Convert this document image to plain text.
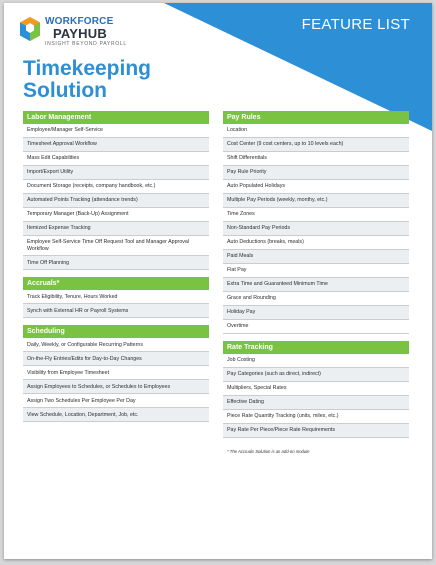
FEATURE LIST
WORKFORCE
PAYHUB
INSIGHT BEYOND PAYROLL
Timekeeping
Solution
Labor Management
Employee/Manager Self-Service
Timesheet Approval Workflow
Mass Edit Capabilities
Import/Export Utility
Document Storage (receipts, company handbook, etc.)
Automated Points Tracking (attendance trends)
Temporary Manager (Back-Up) Assignment
Itemized Expense Tracking
Employee Self-Service Time Off Request Tool and Manager Approval Workflow
Time Off Planning
Accruals*
Track Eligibility, Tenure, Hours Worked
Synch with External HR or Payroll Systems
Scheduling
Daily, Weekly, or Configurable Recurring Patterns
On-the-Fly Entries/Edits for Day-to-Day Changes
Visibility from Employee Timesheet
Assign Employees to Schedules, or Schedules to Employees
Assign Two Schedules Per Employee Per Day
View Schedule, Location, Department, Job, etc.
Pay Rules
Location
Cost Center (9 cost centers, up to 10 levels each)
Shift Differentials
Pay Rule Priority
Auto Populated Holidays
Multiple Pay Periods (weekly, monthy, etc.)
Time Zones
Non-Standard Pay Periods
Auto Deductions (breaks, meals)
Paid Meals
Flat Pay
Extra Time and Guaranteed Minimum Time
Grace and Rounding
Holiday Pay
Overtime
Rate Tracking
Job Costing
Pay Categories (such as direct, indirect)
Multipliers, Special Rates
Effective Dating
Piece Rate Quantity Tracking (units, miles, etc.)
Pay Rate Per Piece/Piece Rate Requirements
* The Accruals Solution is an add-on module
